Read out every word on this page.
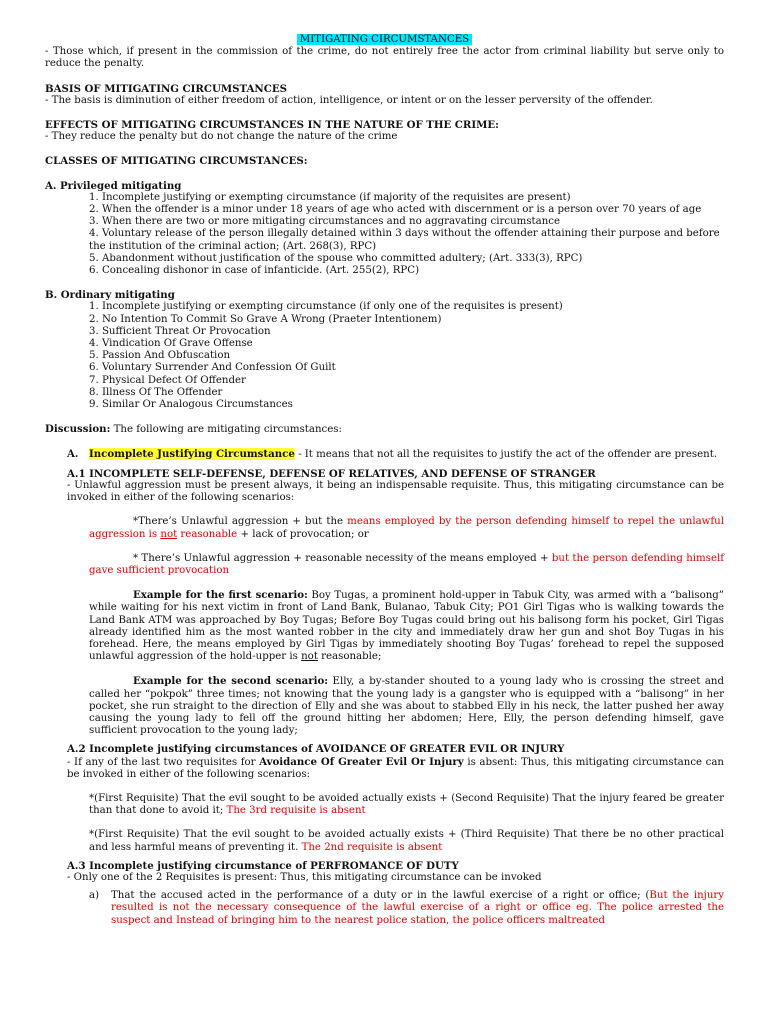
MITIGATING CIRCUMSTANCES

- Those which, if present in the commission of the crime, do not entirely free the actor from criminal liability but serve only to reduce the penalty.

BASIS OF MITIGATING CIRCUMSTANCES

- The basis is diminution of either freedom of action, intelligence, or intent or on the lesser perversity of the offender.

EFFECTS OF MITIGATING CIRCUMSTANCES IN THE NATURE OF THE CRIME:

- They reduce the penalty but do not change the nature of the crime

CLASSES OF MITIGATING CIRCUMSTANCES:

A. Privileged mitigating

1. Incomplete justifying or exempting circumstance (if majority of the requisites are present)

2. When the offender is a minor under 18 years of age who acted with discernment or is a person over 70 years of age

3. When there are two or more mitigating circumstances and no aggravating circumstance

4. Voluntary release of the person illegally detained within 3 days without the offender attaining their purpose and before the institution of the criminal action; (Art. 268(3), RPC)

5. Abandonment without justification of the spouse who committed adultery; (Art. 333(3), RPC)

6. Concealing dishonor in case of infanticide. (Art. 255(2), RPC)

B. Ordinary mitigating

1. Incomplete justifying or exempting circumstance (if only one of the requisites is present)

2. No Intention To Commit So Grave A Wrong (Praeter Intentionem)

3. Sufficient Threat Or Provocation

4. Vindication Of Grave Offense

5. Passion And Obfuscation

6. Voluntary Surrender And Confession Of Guilt

7. Physical Defect Of Offender

8. Illness Of The Offender

9. Similar Or Analogous Circumstances

Discussion: The following are mitigating circumstances:

A.	Incomplete Justifying Circumstance - It means that not all the requisites to justify the act of the offender are present.

A.1 INCOMPLETE SELF-DEFENSE, DEFENSE OF RELATIVES, AND DEFENSE OF STRANGER

- Unlawful aggression must be present always, it being an indispensable requisite. Thus, this mitigating circumstance can be invoked in either of the following scenarios:

*There’s Unlawful aggression + but the means employed by the person defending himself to repel the unlawful aggression is not reasonable + lack of provocation; or

* There’s Unlawful aggression + reasonable necessity of the means employed + but the person defending himself gave sufficient provocation

Example for the first scenario: Boy Tugas, a prominent hold-upper in Tabuk City, was armed with a “balisong” while waiting for his next victim in front of Land Bank, Bulanao, Tabuk City; PO1 Girl Tigas who is walking towards the Land Bank ATM was approached by Boy Tugas; Before Boy Tugas could bring out his balisong form his pocket, Girl Tigas already identified him as the most wanted robber in the city and immediately draw her gun and shot Boy Tugas in his forehead. Here, the means employed by Girl Tigas by immediately shooting Boy Tugas’ forehead to repel the supposed unlawful aggression of the hold-upper is not reasonable;

Example for the second scenario: Elly, a by-stander shouted to a young lady who is crossing the street and called her “pokpok” three times; not knowing that the young lady is a gangster who is equipped with a “balisong” in her pocket, she run straight to the direction of Elly and she was about to stabbed Elly in his neck, the latter pushed her away causing the young lady to fell off the ground hitting her abdomen; Here, Elly, the person defending himself, gave sufficient provocation to the young lady;

A.2 Incomplete justifying circumstances of AVOIDANCE OF GREATER EVIL OR INJURY

- If any of the last two requisites for Avoidance Of Greater Evil Or Injury is absent: Thus, this mitigating circumstance can be invoked in either of the following scenarios:

*(First Requisite) That the evil sought to be avoided actually exists + (Second Requisite) That the injury feared be greater than that done to avoid it; The 3rd requisite is absent

*(First Requisite) That the evil sought to be avoided actually exists + (Third Requisite) That there be no other practical and less harmful means of preventing it. The 2nd requisite is absent

A.3 Incomplete justifying circumstance of PERFROMANCE OF DUTY

- Only one of the 2 Requisites is present: Thus, this mitigating circumstance can be invoked

a)	That the accused acted in the performance of a duty or in the lawful exercise of a right or office; (But the injury resulted is not the necessary consequence of the lawful exercise of a right or office eg. The police arrested the suspect and Instead of bringing him to the nearest police station, the police officers maltreated
